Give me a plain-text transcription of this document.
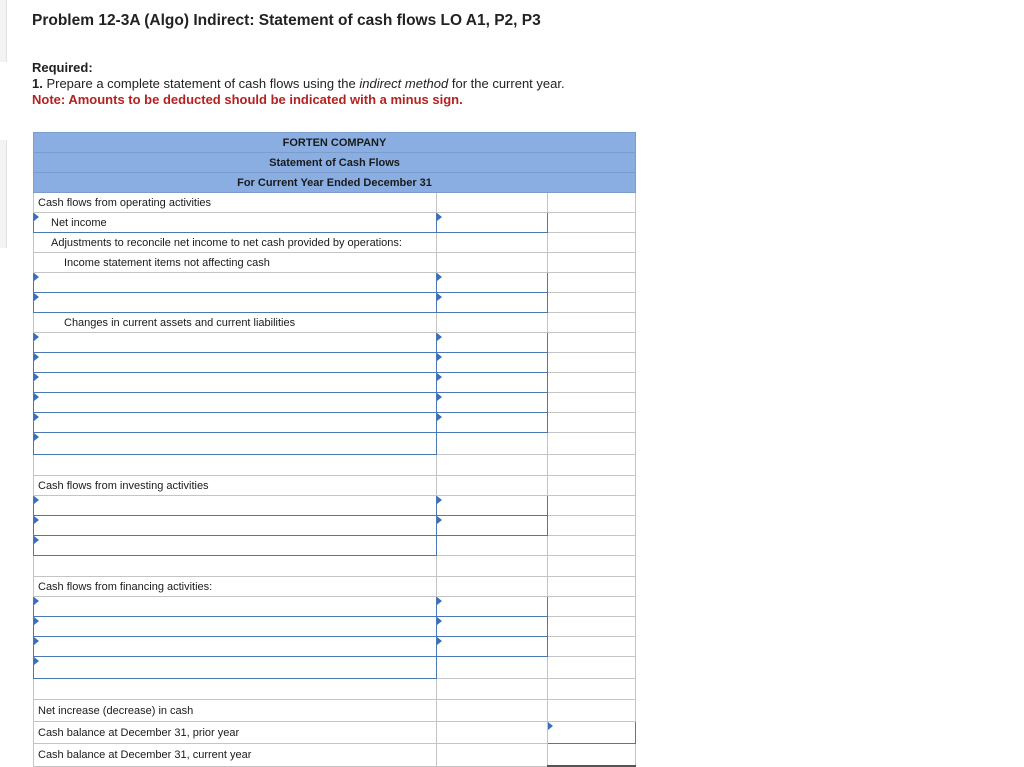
Problem 12-3A (Algo) Indirect: Statement of cash flows LO A1, P2, P3
Required:
1. Prepare a complete statement of cash flows using the indirect method for the current year.
Note: Amounts to be deducted should be indicated with a minus sign.
FORTEN COMPANY		
Statement of Cash Flows		
For Current Year Ended December 31		
Cash flows from operating activities		
Net income		
Adjustments to reconcile net income to net cash provided by operations:		
Income statement items not affecting cash		

Changes in current assets and current liabilities		

Cash flows from investing activities		

Cash flows from financing activities:		

Net increase (decrease) in cash		
Cash balance at December 31, prior year		
Cash balance at December 31, current year		
